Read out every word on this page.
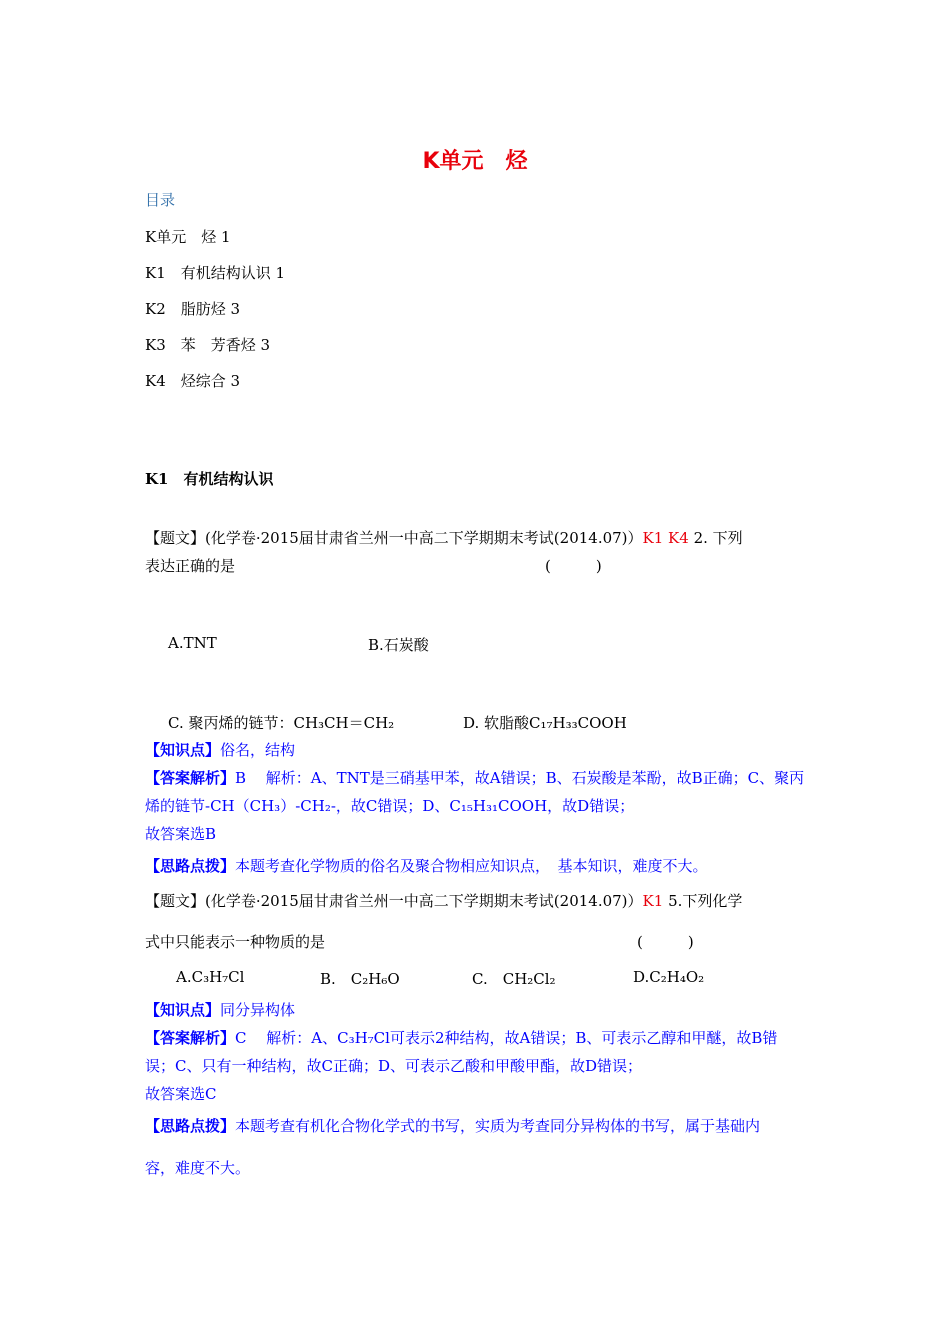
K单元　烃
目录
K单元　烃 1
K1　有机结构认识 1
K2　脂肪烃 3
K3　苯　芳香烃 3
K4　烃综合 3
K1　有机结构认识
【题文】(化学卷·2015届甘肃省兰州一中高二下学期期末考试(2014.07)）K1 K4 2. 下列
表达正确的是	(　　　)
A.TNT	B.石炭酸
C. 聚丙烯的链节：CH₃CH＝CH₂	D. 软脂酸C₁₇H₃₃COOH
【知识点】俗名，结构
【答案解析】B　 解析：A、TNT是三硝基甲苯，故A错误；B、石炭酸是苯酚，故B正确；C、聚丙
烯的链节-CH（CH₃）-CH₂-，故C错误；D、C₁₅H₃₁COOH，故D错误；
故答案选B
【思路点拨】本题考查化学物质的俗名及聚合物相应知识点，　基本知识，难度不大。
【题文】(化学卷·2015届甘肃省兰州一中高二下学期期末考试(2014.07)）K1 5.下列化学
式中只能表示一种物质的是	(　　　)
A.C₃H₇Cl	B.　C₂H₆O	C.　CH₂Cl₂	D.C₂H₄O₂
【知识点】同分异构体
【答案解析】C　 解析：A、C₃H₇Cl可表示2种结构，故A错误；B、可表示乙醇和甲醚，故B错
误；C、只有一种结构，故C正确；D、可表示乙酸和甲酸甲酯，故D错误；
故答案选C
【思路点拨】本题考查有机化合物化学式的书写，实质为考查同分异构体的书写，属于基础内
容，难度不大。
